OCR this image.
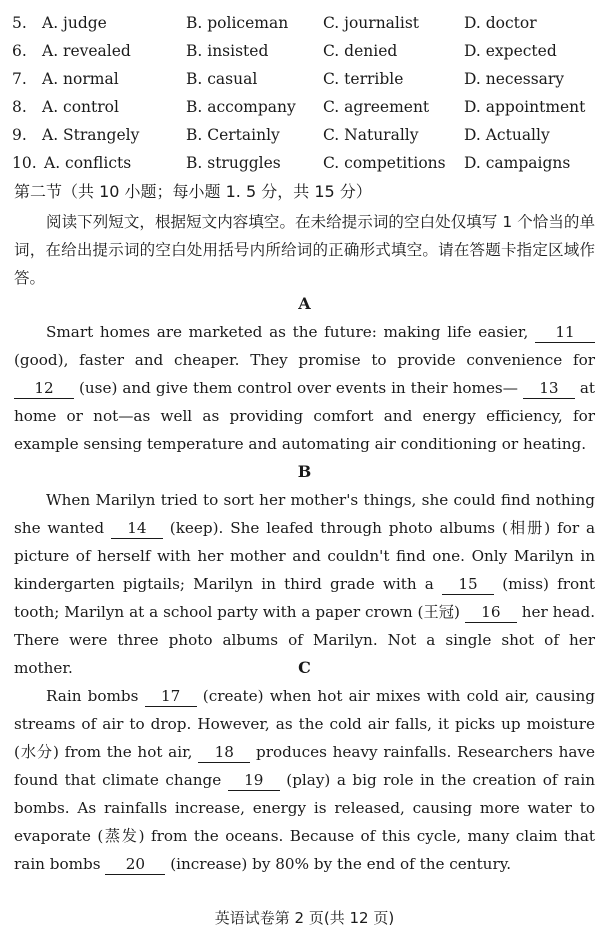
5. A. judge	B. policeman C. journalist	D. doctor
6. A. revealed	B. insisted	C. denied	D. expected
7. A. normal	B. casual	C. terrible	D. necessary
8. A. control	B. accompany C. agreement D. appointment
9. A. Strangely	B. Certainly	C. Naturally	D. Actually
10. A. conflicts	B. struggles	C. competitions D. campaigns
第二节（共 10 小题；每小题 1. 5 分，共 15 分）
阅读下列短文，根据短文内容填空。在未给提示词的空白处仅填写 1 个恰当的单词，在给出提示词的空白处用括号内所给词的正确形式填空。请在答题卡指定区域作答。
A
Smart homes are marketed as the future: making life easier, 11 (good), faster and cheaper. They promise to provide convenience for 12 (use) and give them control over events in their homes— 13 at home or not—as well as providing comfort and energy efficiency, for example sensing temperature and automating air conditioning or heating.
B
When Marilyn tried to sort her mother's things, she could find nothing she wanted 14 (keep). She leafed through photo albums (相册) for a picture of herself with her mother and couldn't find one. Only Marilyn in kindergarten pigtails; Marilyn in third grade with a 15 (miss) front tooth; Marilyn at a school party with a paper crown (王冠) 16 her head. There were three photo albums of Marilyn. Not a single shot of her mother.	C
Rain bombs 17 (create) when hot air mixes with cold air, causing streams of air to drop. However, as the cold air falls, it picks up moisture (水分) from the hot air, 18 produces heavy rainfalls. Researchers have found that climate change 19 (play) a big role in the creation of rain bombs. As rainfalls increase, energy is released, causing more water to evaporate (蒸发) from the oceans. Because of this cycle, many claim that rain bombs 20 (increase) by 80% by the end of the century.
英语试卷第 2 页(共 12 页)
